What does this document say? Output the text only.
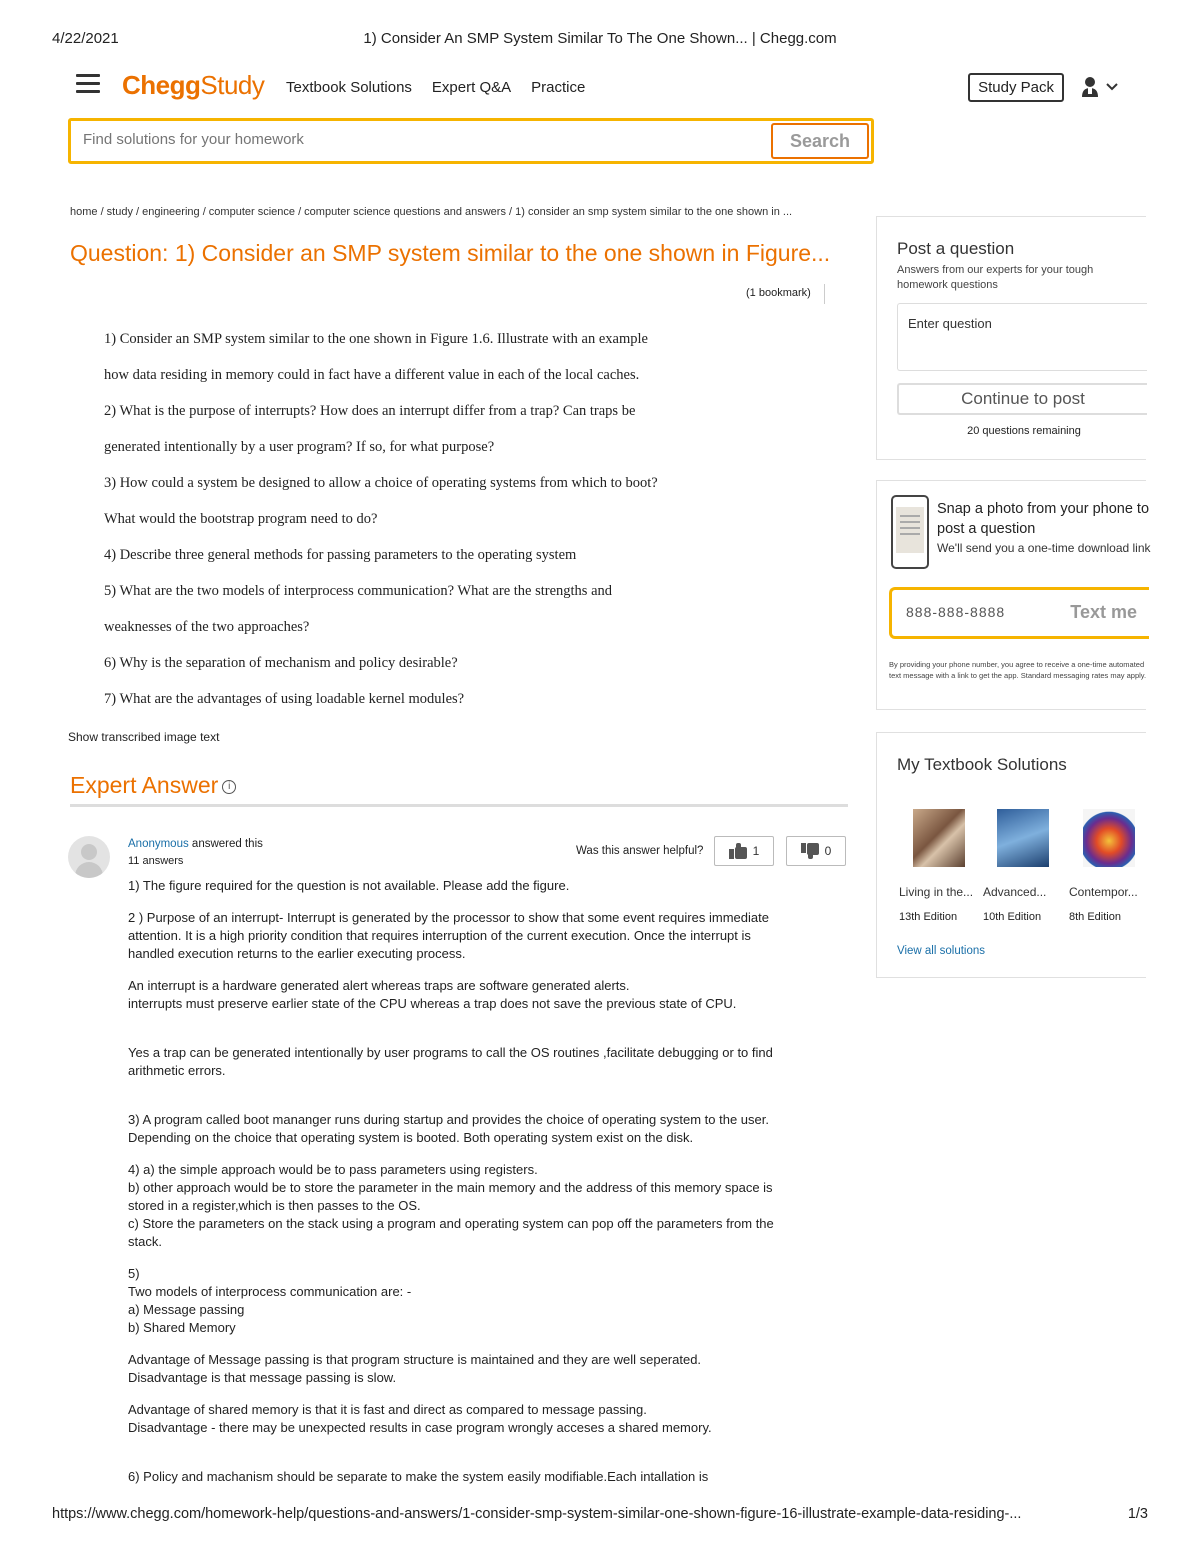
4/22/2021	1) Consider An SMP System Similar To The One Shown... | Chegg.com
CheggStudy Textbook Solutions Expert Q&A Practice	Study Pack
Find solutions for your homework
Search
home / study / engineering / computer science / computer science questions and answers / 1) consider an smp system similar to the one shown in ...
Question: 1) Consider an SMP system similar to the one shown in Figure...
(1 bookmark)

1) Consider an SMP system similar to the one shown in Figure 1.6. Illustrate with an example

how data residing in memory could in fact have a different value in each of the local caches.

2) What is the purpose of interrupts? How does an interrupt differ from a trap? Can traps be

generated intentionally by a user program? If so, for what purpose?

3) How could a system be designed to allow a choice of operating systems from which to boot?

What would the bootstrap program need to do?

4) Describe three general methods for passing parameters to the operating system

5) What are the two models of interprocess communication? What are the strengths and

weaknesses of the two approaches?

6) Why is the separation of mechanism and policy desirable?

7) What are the advantages of using loadable kernel modules?

Show transcribed image text
Expert Answer i
Anonymous answered this
11 answers
Was this answer helpful?	1	0
1) The figure required for the question is not available. Please add the figure.
2 ) Purpose of an interrupt- Interrupt is generated by the processor to show that some event requires immediate attention. It is a high priority condition that requires interruption of the current execution. Once the interrupt is handled execution returns to the earlier executing process.
An interrupt is a hardware generated alert whereas traps are software generated alerts.
interrupts must preserve earlier state of the CPU whereas a trap does not save the previous state of CPU.
Yes a trap can be generated intentionally by user programs to call the OS routines ,facilitate debugging or to find arithmetic errors.
3) A program called boot mananger runs during startup and provides the choice of operating system to the user. Depending on the choice that operating system is booted. Both operating system exist on the disk.
4) a) the simple approach would be to pass parameters using registers.
b) other approach would be to store the parameter in the main memory and the address of this memory space is stored in a register,which is then passes to the OS.
c) Store the parameters on the stack using a program and operating system can pop off the parameters from the stack.
5)
Two models of interprocess communication are: -
a) Message passing
b) Shared Memory
Advantage of Message passing is that program structure is maintained and they are well seperated.
Disadvantage is that message passing is slow.
Advantage of shared memory is that it is fast and direct as compared to message passing.
Disadvantage - there may be unexpected results in case program wrongly acceses a shared memory.
6) Policy and machanism should be separate to make the system easily modifiable.Each intallation is
Post a question
Answers from our experts for your tough homework questions
Enter question
Continue to post
20 questions remaining
Snap a photo from your phone to post a question
We'll send you a one-time download link
888-888-8888	Text me
By providing your phone number, you agree to receive a one-time automated text message with a link to get the app. Standard messaging rates may apply.
My Textbook Solutions
Living in the...
13th Edition
Advanced...
10th Edition
Contempor...
8th Edition
View all solutions
https://www.chegg.com/homework-help/questions-and-answers/1-consider-smp-system-similar-one-shown-figure-16-illustrate-example-data-residing-...	1/3
